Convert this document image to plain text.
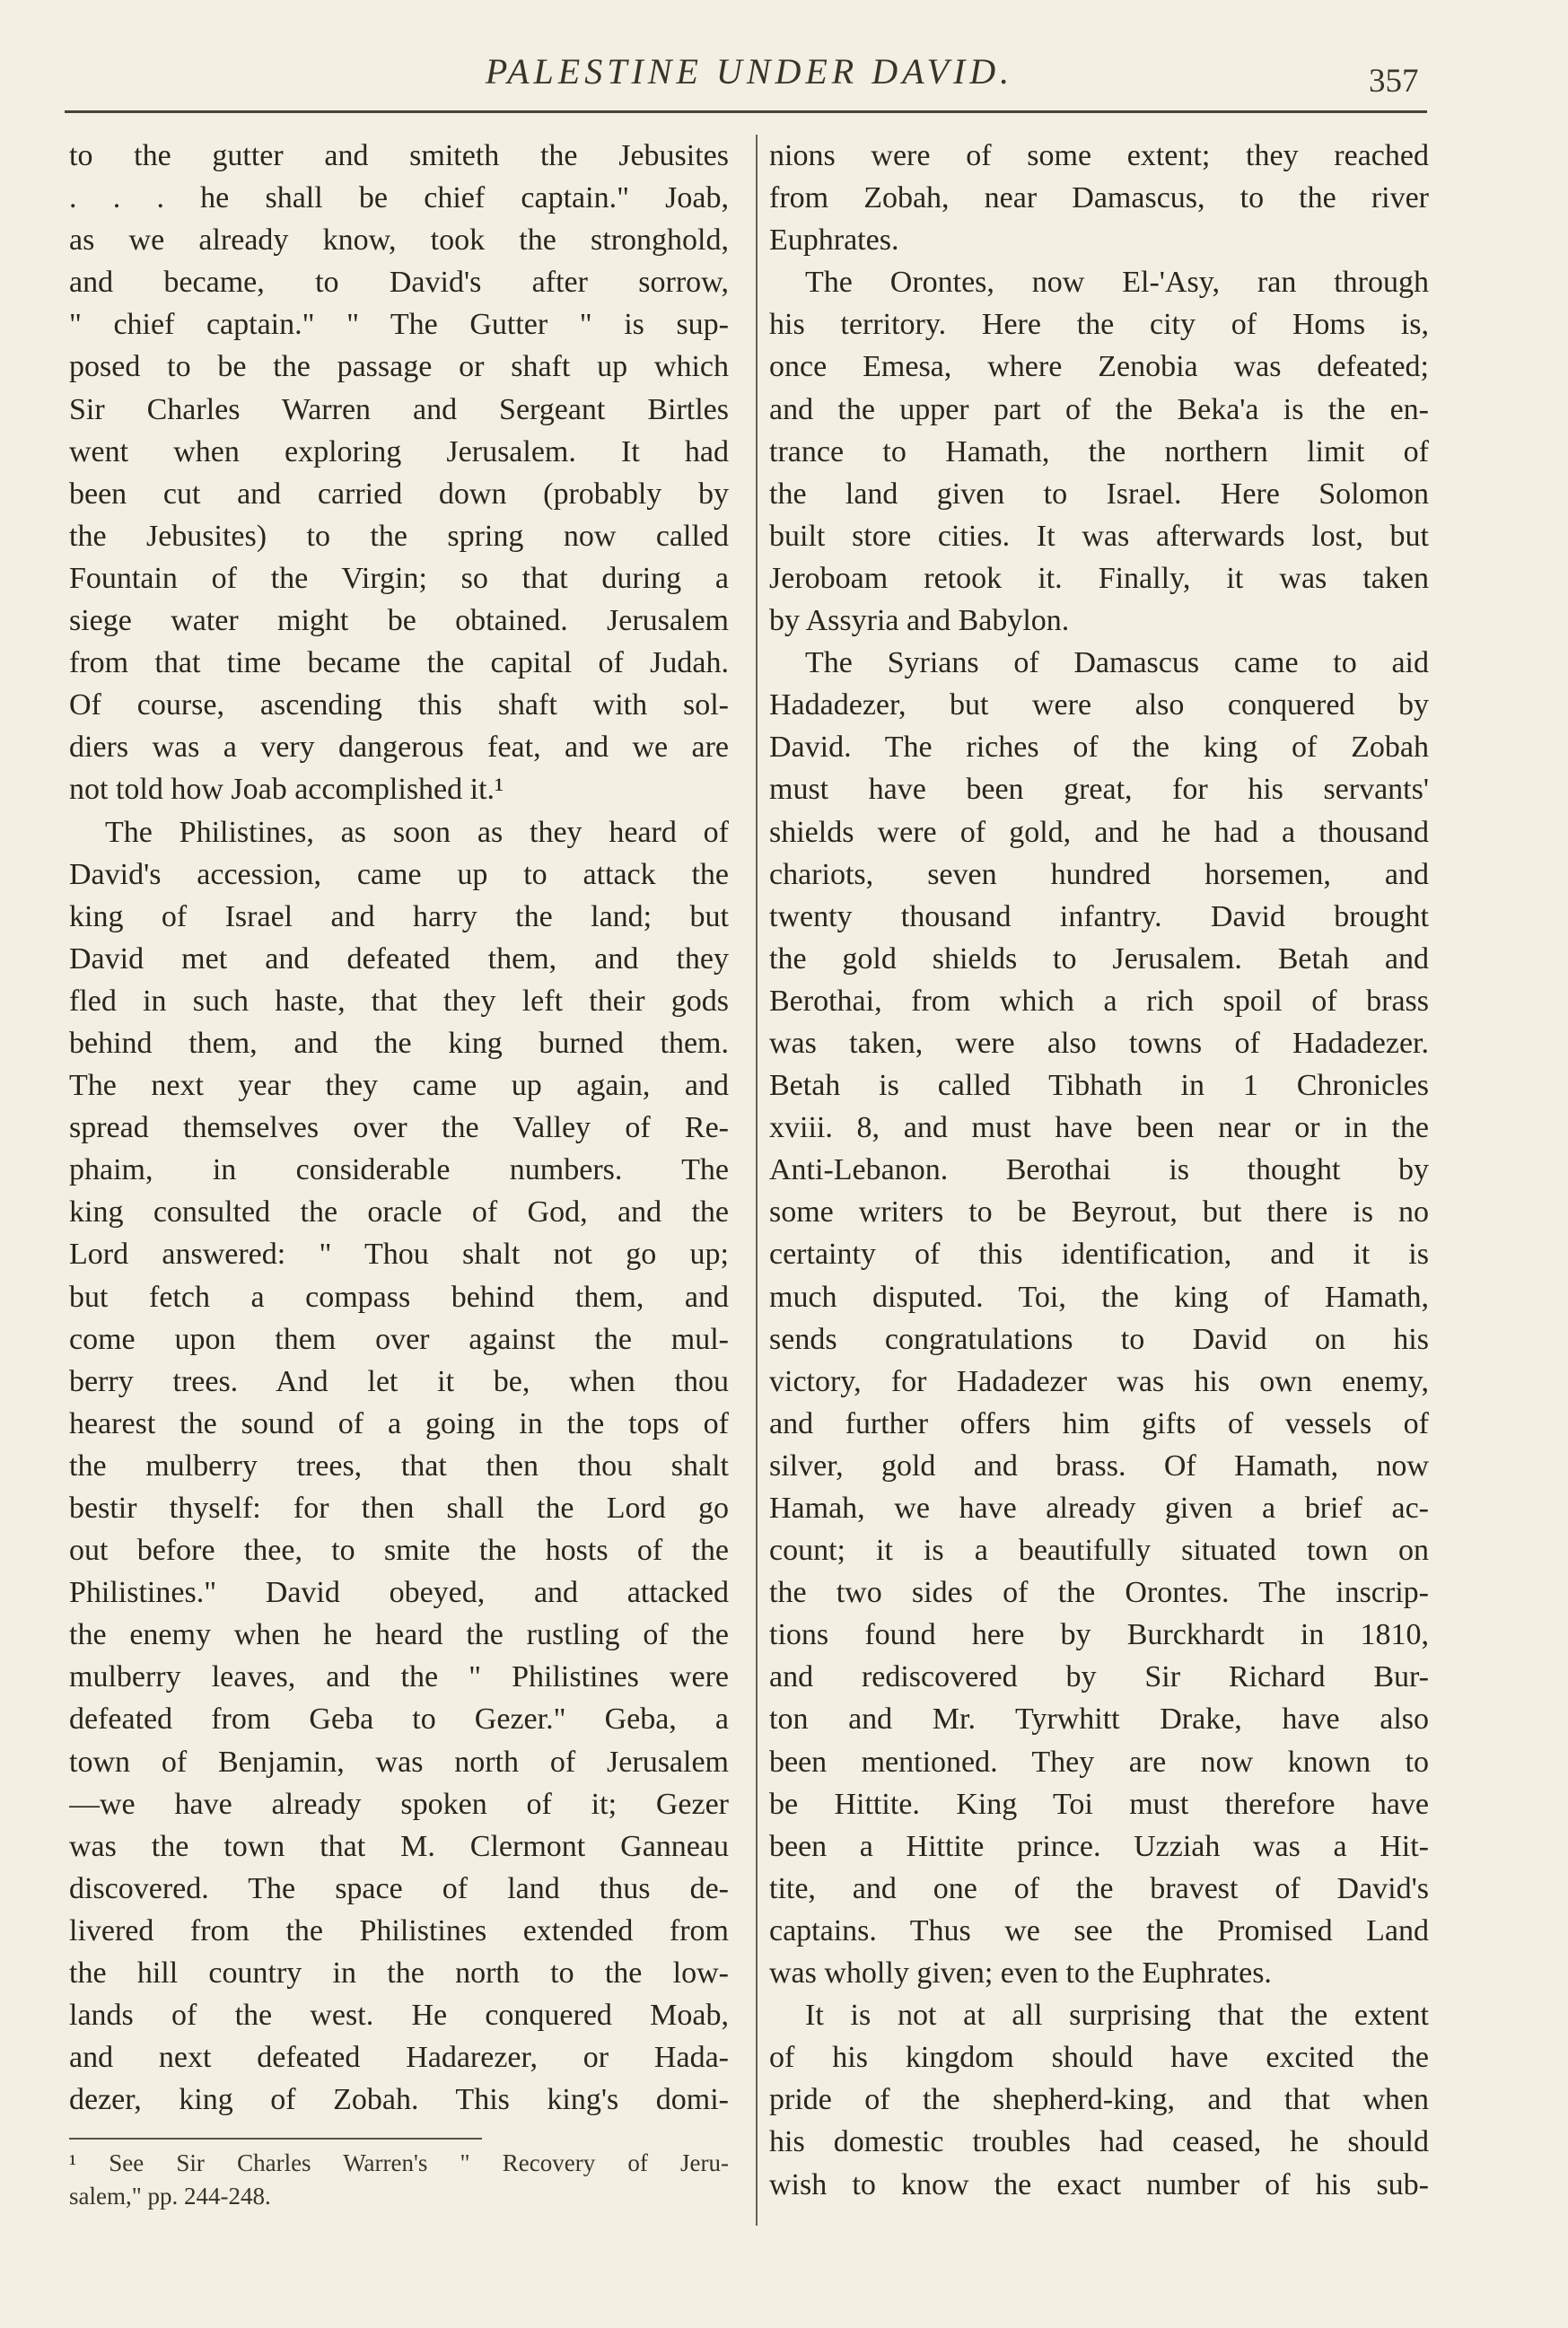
PALESTINE UNDER DAVID.	357
to the gutter and smiteth the Jebusites
. . . he shall be chief captain." Joab,
as we already know, took the stronghold,
and became, to David's after sorrow,
" chief captain." " The Gutter " is sup-
posed to be the passage or shaft up which
Sir Charles Warren and Sergeant Birtles
went when exploring Jerusalem. It had
been cut and carried down (probably by
the Jebusites) to the spring now called
Fountain of the Virgin; so that during a
siege water might be obtained. Jerusalem
from that time became the capital of Judah.
Of course, ascending this shaft with sol-
diers was a very dangerous feat, and we are
not told how Joab accomplished it.¹
The Philistines, as soon as they heard of
David's accession, came up to attack the
king of Israel and harry the land; but
David met and defeated them, and they
fled in such haste, that they left their gods
behind them, and the king burned them.
The next year they came up again, and
spread themselves over the Valley of Re-
phaim, in considerable numbers. The
king consulted the oracle of God, and the
Lord answered: " Thou shalt not go up;
but fetch a compass behind them, and
come upon them over against the mul-
berry trees. And let it be, when thou
hearest the sound of a going in the tops of
the mulberry trees, that then thou shalt
bestir thyself: for then shall the Lord go
out before thee, to smite the hosts of the
Philistines." David obeyed, and attacked
the enemy when he heard the rustling of the
mulberry leaves, and the " Philistines were
defeated from Geba to Gezer." Geba, a
town of Benjamin, was north of Jerusalem
—we have already spoken of it; Gezer
was the town that M. Clermont Ganneau
discovered. The space of land thus de-
livered from the Philistines extended from
the hill country in the north to the low-
lands of the west. He conquered Moab,
and next defeated Hadarezer, or Hada-
dezer, king of Zobah. This king's domi-
nions were of some extent; they reached
from Zobah, near Damascus, to the river
Euphrates.
The Orontes, now El-'Asy, ran through
his territory. Here the city of Homs is,
once Emesa, where Zenobia was defeated;
and the upper part of the Beka'a is the en-
trance to Hamath, the northern limit of
the land given to Israel. Here Solomon
built store cities. It was afterwards lost, but
Jeroboam retook it. Finally, it was taken
by Assyria and Babylon.
The Syrians of Damascus came to aid
Hadadezer, but were also conquered by
David. The riches of the king of Zobah
must have been great, for his servants'
shields were of gold, and he had a thousand
chariots, seven hundred horsemen, and
twenty thousand infantry. David brought
the gold shields to Jerusalem. Betah and
Berothai, from which a rich spoil of brass
was taken, were also towns of Hadadezer.
Betah is called Tibhath in 1 Chronicles
xviii. 8, and must have been near or in the
Anti-Lebanon. Berothai is thought by
some writers to be Beyrout, but there is no
certainty of this identification, and it is
much disputed. Toi, the king of Hamath,
sends congratulations to David on his
victory, for Hadadezer was his own enemy,
and further offers him gifts of vessels of
silver, gold and brass. Of Hamath, now
Hamah, we have already given a brief ac-
count; it is a beautifully situated town on
the two sides of the Orontes. The inscrip-
tions found here by Burckhardt in 1810,
and rediscovered by Sir Richard Bur-
ton and Mr. Tyrwhitt Drake, have also
been mentioned. They are now known to
be Hittite. King Toi must therefore have
been a Hittite prince. Uzziah was a Hit-
tite, and one of the bravest of David's
captains. Thus we see the Promised Land
was wholly given; even to the Euphrates.
It is not at all surprising that the extent
of his kingdom should have excited the
pride of the shepherd-king, and that when
his domestic troubles had ceased, he should
wish to know the exact number of his sub-
¹ See Sir Charles Warren's " Recovery of Jeru-
salem," pp. 244-248.
